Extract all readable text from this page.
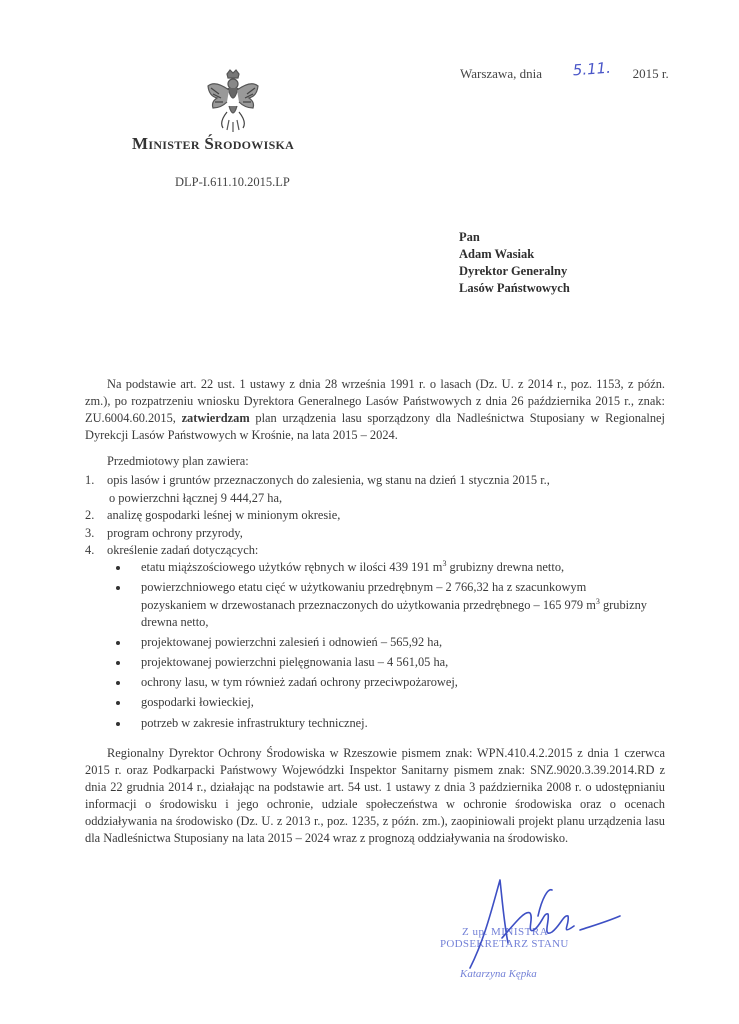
Minister Środowiska
DLP-I.611.10.2015.LP
Warszawa, dnia 5.11. 2015 r.
Pan
Adam Wasiak
Dyrektor Generalny
Lasów Państwowych
Na podstawie art. 22 ust. 1 ustawy z dnia 28 września 1991 r. o lasach (Dz. U. z 2014 r., poz. 1153, z późn. zm.), po rozpatrzeniu wniosku Dyrektora Generalnego Lasów Państwowych z dnia 26 października 2015 r., znak: ZU.6004.60.2015, zatwierdzam plan urządzenia lasu sporządzony dla Nadleśnictwa Stuposiany w Regionalnej Dyrekcji Lasów Państwowych w Krośnie, na lata 2015 – 2024.
Przedmiotowy plan zawiera:
1. opis lasów i gruntów przeznaczonych do zalesienia, wg stanu na dzień 1 stycznia 2015 r.,
o powierzchni łącznej 9 444,27 ha,
2. analizę gospodarki leśnej w minionym okresie,
3. program ochrony przyrody,
4. określenie zadań dotyczących:
etatu miąższościowego użytków rębnych w ilości 439 191 $m^3$ grubizny drewna netto,
powierzchniowego etatu cięć w użytkowaniu przedrębnym – 2 766,32 ha z szacunkowym pozyskaniem w drzewostanach przeznaczonych do użytkowania przedrębnego – 165 979 $m^3$ grubizny drewna netto,
projektowanej powierzchni zalesień i odnowień – 565,92 ha,
projektowanej powierzchni pielęgnowania lasu – 4 561,05 ha,
ochrony lasu, w tym również zadań ochrony przeciwpożarowej,
gospodarki łowieckiej,
potrzeb w zakresie infrastruktury technicznej.
Regionalny Dyrektor Ochrony Środowiska w Rzeszowie pismem znak: WPN.410.4.2.2015 z dnia 1 czerwca 2015 r. oraz Podkarpacki Państwowy Wojewódzki Inspektor Sanitarny pismem znak: SNZ.9020.3.39.2014.RD z dnia 22 grudnia 2014 r., działając na podstawie art. 54 ust. 1 ustawy z dnia 3 października 2008 r. o udostępnianiu informacji o środowisku i jego ochronie, udziale społeczeństwa w ochronie środowiska oraz o ocenach oddziaływania na środowisko (Dz. U. z 2013 r., poz. 1235, z późn. zm.), zaopiniowali projekt planu urządzenia lasu dla Nadleśnictwa Stuposiany na lata 2015 – 2024 wraz z prognozą oddziaływania na środowisko.
Z up. MINISTRA
PODSEKRETARZ STANU
Katarzyna Kępka
